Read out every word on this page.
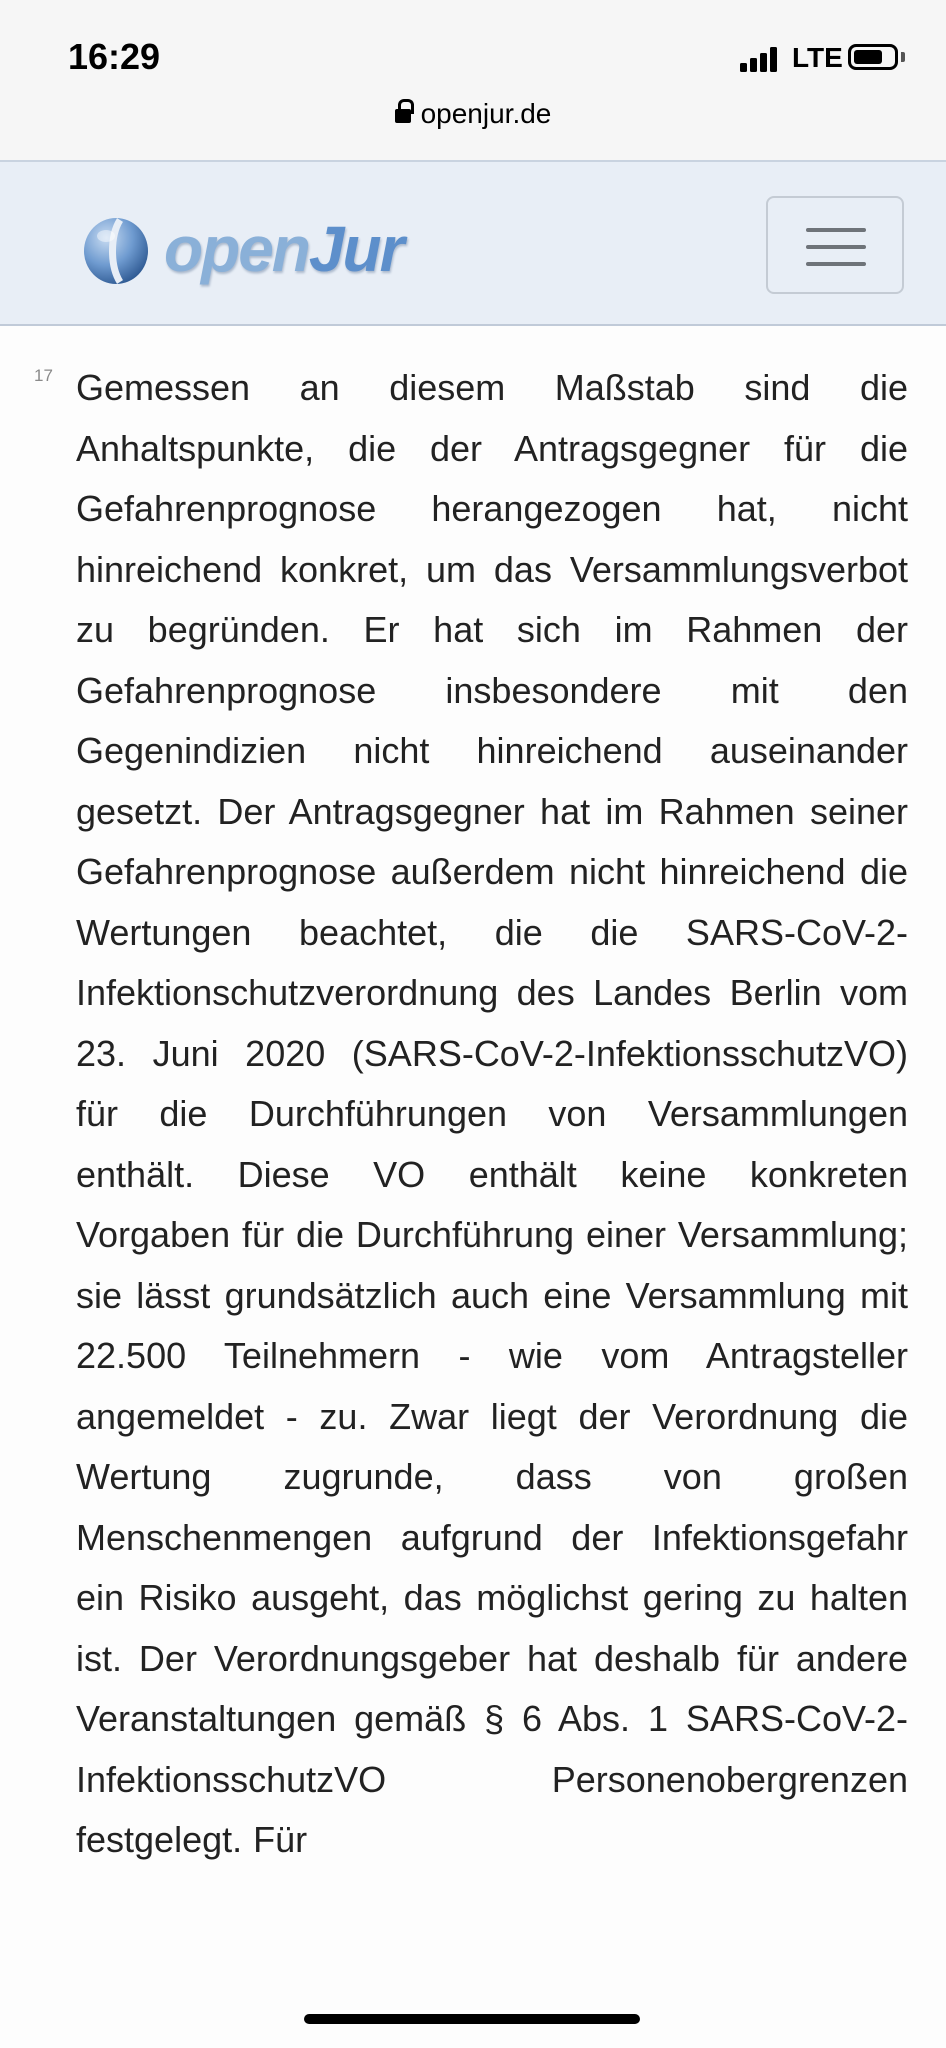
16:29	LTE
openjur.de
openJur
17 Gemessen an diesem Maßstab sind die Anhaltspunkte, die der Antragsgegner für die Gefahrenprognose herangezogen hat, nicht hinreichend konkret, um das Versammlungsverbot zu begründen. Er hat sich im Rahmen der Gefahrenprognose insbesondere mit den Gegenindizien nicht hinreichend auseinander gesetzt. Der Antragsgegner hat im Rahmen seiner Gefahrenprognose außerdem nicht hinreichend die Wertungen beachtet, die die SARS-CoV-2-Infektionschutzverordnung des Landes Berlin vom 23. Juni 2020 (SARS-CoV-2-InfektionsschutzVO) für die Durchführungen von Versammlungen enthält. Diese VO enthält keine konkreten Vorgaben für die Durchführung einer Versammlung; sie lässt grundsätzlich auch eine Versammlung mit 22.500 Teilnehmern - wie vom Antragsteller angemeldet - zu. Zwar liegt der Verordnung die Wertung zugrunde, dass von großen Menschenmengen aufgrund der Infektionsgefahr ein Risiko ausgeht, das möglichst gering zu halten ist. Der Verordnungsgeber hat deshalb für andere Veranstaltungen gemäß § 6 Abs. 1 SARS-CoV-2-InfektionsschutzVO Personenobergrenzen festgelegt. Für
